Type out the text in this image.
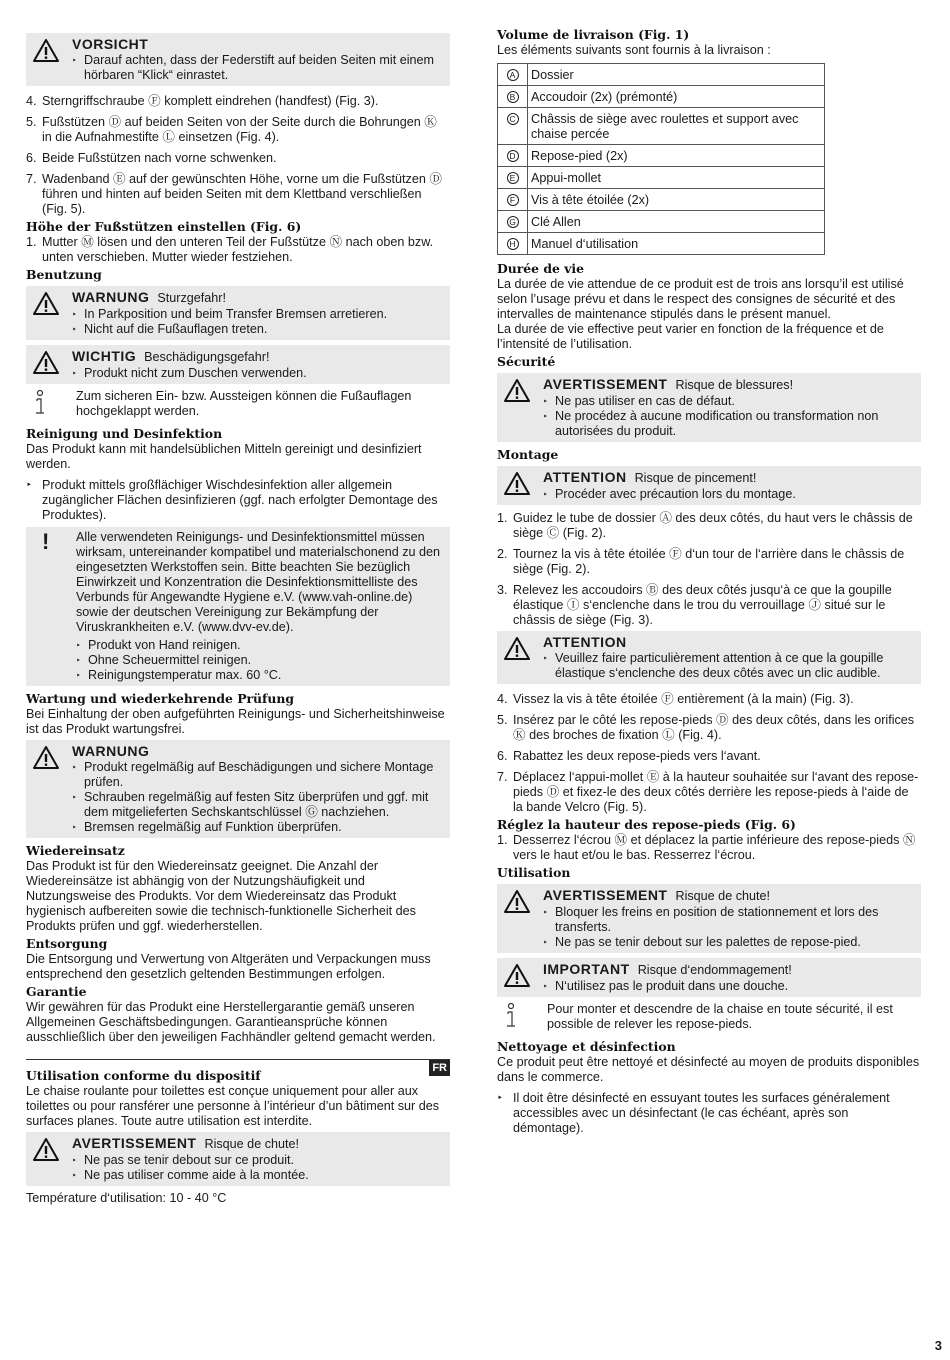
VORSICHT
‣ Darauf achten, dass der Federstift auf beiden Seiten mit einem hörbaren “Klick“ einrastet.
4. Sterngriffschraube Ⓕ komplett eindrehen (handfest) (Fig. 3).
5. Fußstützen Ⓓ auf beiden Seiten von der Seite durch die Bohrungen Ⓚ in die Aufnahmestifte Ⓛ einsetzen (Fig. 4).
6. Beide Fußstützen nach vorne schwenken.
7. Wadenband Ⓔ auf der gewünschten Höhe, vorne um die Fußstützen Ⓓ führen und hinten auf beiden Seiten mit dem Klettband verschließen (Fig. 5).
Höhe der Fußstützen einstellen (Fig. 6)
1. Mutter Ⓜ lösen und den unteren Teil der Fußstütze Ⓝ nach oben bzw. unten verschieben. Mutter wieder festziehen.
Benutzung
WARNUNG Sturzgefahr!
‣ In Parkposition und beim Transfer Bremsen arretieren.
‣ Nicht auf die Fußauflagen treten.
WICHTIG Beschädigungsgefahr!
‣ Produkt nicht zum Duschen verwenden.
Zum sicheren Ein- bzw. Aussteigen können die Fußauflagen hochgeklappt werden.
Reinigung und Desinfektion

Das Produkt kann mit handelsüblichen Mitteln gereinigt und desinfiziert werden.

‣ Produkt mittels großflächiger Wischdesinfektion aller allgemein zugänglicher Flächen desinfizieren (ggf. nach erfolgter Demontage des Produktes).
!	Alle verwendeten Reinigungs- und Desinfektionsmittel müssen wirksam, untereinander kompatibel und materialschonend zu den eingesetzten Werkstoffen sein. Bitte beachten Sie bezüglich Einwirkzeit und Konzentration die Desinfektionsmittelliste des Verbunds für Angewandte Hygiene e.V. (www.vah-online.de) sowie der deutschen Vereinigung zur Bekämpfung der Viruskrankheiten e.V. (www.dvv-ev.de).
‣ Produkt von Hand reinigen.
‣ Ohne Scheuermittel reinigen.
‣ Reinigungstemperatur max. 60 °C.
Wartung und wiederkehrende Prüfung

Bei Einhaltung der oben aufgeführten Reinigungs- und Sicherheitshinweise ist das Produkt wartungsfrei.

WARNUNG
‣ Produkt regelmäßig auf Beschädigungen und sichere Montage prüfen.
‣ Schrauben regelmäßig auf festen Sitz überprüfen und ggf. mit dem mitgelieferten Sechskantschlüssel Ⓖ nachziehen.
‣ Bremsen regelmäßig auf Funktion überprüfen.
Wiedereinsatz

Das Produkt ist für den Wiedereinsatz geeignet. Die Anzahl der Wiedereinsätze ist abhängig von der Nutzungshäufigkeit und Nutzungsweise des Produkts. Vor dem Wiedereinsatz das Produkt hygienisch aufbereiten sowie die technisch-funktionelle Sicherheit des Produkts prüfen und ggf. wiederherstellen.

Entsorgung

Die Entsorgung und Verwertung von Altgeräten und Verpackungen muss entsprechend den gesetzlich geltenden Bestimmungen erfolgen.

Garantie

Wir gewähren für das Produkt eine Herstellergarantie gemäß unseren Allgemeinen Geschäftsbedingungen. Garantieansprüche können ausschließlich über den jeweiligen Fachhändler geltend gemacht werden.

FR
Utilisation conforme du dispositif

Le chaise roulante pour toilettes est conçue uniquement pour aller aux toilettes ou pour ransférer une personne à l’intérieur d’un bâtiment sur des surfaces planes. Toute autre utilisation est interdite.

AVERTISSEMENT Risque de chute!
‣ Ne pas se tenir debout sur ce produit.
‣ Ne pas utiliser comme aide à la montée.

Température d‘utilisation: 10 - 40 °C

Volume de livraison (Fig. 1)

Les éléments suivants sont fournis à la livraison :

A	Dossier
B	Accoudoir (2x) (prémonté)
C	Châssis de siège avec roulettes et support avec chaise percée
D	Repose-pied (2x)
E	Appui-mollet
F	Vis à tête étoilée (2x)
G	Clé Allen
H	Manuel d‘utilisation
Durée de vie

La durée de vie attendue de ce produit est de trois ans lorsqu’il est utilisé selon l’usage prévu et dans le respect des consignes de sécurité et des intervalles de maintenance stipulés dans le présent manuel.

La durée de vie effective peut varier en fonction de la fréquence et de l’intensité de l’utilisation.

Sécurité
AVERTISSEMENT Risque de blessures!
‣ Ne pas utiliser en cas de défaut.
‣ Ne procédez à aucune modification ou transformation non autorisées du produit.
Montage
ATTENTION Risque de pincement!
‣ Procéder avec précaution lors du montage.
1. Guidez le tube de dossier Ⓐ des deux côtés, du haut vers le châssis de siège Ⓒ (Fig. 2).
2. Tournez la vis à tête étoilée Ⓕ d‘un tour de l‘arrière dans le châssis de siège (Fig. 2).
3. Relevez les accoudoirs Ⓑ des deux côtés jusqu‘à ce que la goupille élastique Ⓘ s‘enclenche dans le trou du verrouillage Ⓙ situé sur le châssis de siège (Fig. 3).
ATTENTION
‣ Veuillez faire particulièrement attention à ce que la goupille élastique s‘enclenche des deux côtés avec un clic audible.
4. Vissez la vis à tête étoilée Ⓕ entièrement (à la main) (Fig. 3).
5. Insérez par le côté les repose-pieds Ⓓ des deux côtés, dans les orifices Ⓚ des broches de fixation Ⓛ (Fig. 4).
6. Rabattez les deux repose-pieds vers l‘avant.
7. Déplacez l‘appui-mollet Ⓔ à la hauteur souhaitée sur l‘avant des repose-pieds Ⓓ et fixez-le des deux côtés derrière les repose-pieds à l‘aide de la bande Velcro (Fig. 5).
Réglez la hauteur des repose-pieds (Fig. 6)
1. Desserrez l‘écrou Ⓜ et déplacez la partie inférieure des repose-pieds Ⓝ vers le haut et/ou le bas. Resserrez l‘écrou.
Utilisation
AVERTISSEMENT Risque de chute!
‣ Bloquer les freins en position de stationnement et lors des transferts.
‣ Ne pas se tenir debout sur les palettes de repose-pied.
IMPORTANT Risque d‘endommagement!
‣ N‘utilisez pas le produit dans une douche.
Pour monter et descendre de la chaise en toute sécurité, il est possible de relever les repose-pieds.
Nettoyage et désinfection

Ce produit peut être nettoyé et désinfecté au moyen de produits disponibles dans le commerce.

‣ Il doit être désinfecté en essuyant toutes les surfaces généralement accessibles avec un désinfectant (le cas échéant, après son démontage).
3
